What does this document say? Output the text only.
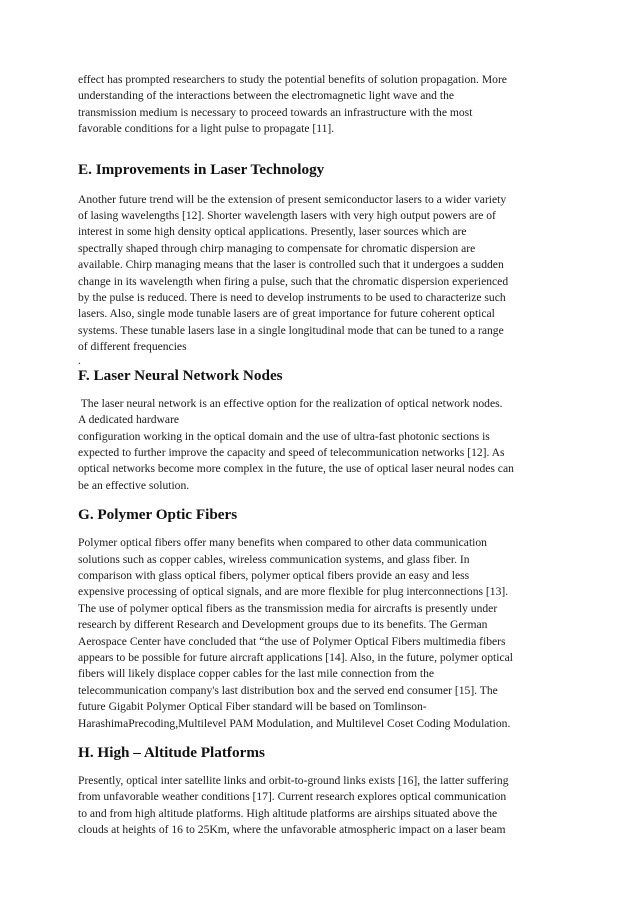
effect has prompted researchers to study the potential benefits of solution propagation. More
understanding of the interactions between the electromagnetic light wave and the
transmission medium is necessary to proceed towards an infrastructure with the most
favorable conditions for a light pulse to propagate [11].

E. Improvements in Laser Technology

Another future trend will be the extension of present semiconductor lasers to a wider variety
of lasing wavelengths [12]. Shorter wavelength lasers with very high output powers are of
interest in some high density optical applications. Presently, laser sources which are
spectrally shaped through chirp managing to compensate for chromatic dispersion are
available. Chirp managing means that the laser is controlled such that it undergoes a sudden
change in its wavelength when firing a pulse, such that the chromatic dispersion experienced
by the pulse is reduced. There is need to develop instruments to be used to characterize such
lasers. Also, single mode tunable lasers are of great importance for future coherent optical
systems. These tunable lasers lase in a single longitudinal mode that can be tuned to a range
of different frequencies
.

F. Laser Neural Network Nodes

The laser neural network is an effective option for the realization of optical network nodes.
A dedicated hardware
configuration working in the optical domain and the use of ultra-fast photonic sections is
expected to further improve the capacity and speed of telecommunication networks [12]. As
optical networks become more complex in the future, the use of optical laser neural nodes can
be an effective solution.

G. Polymer Optic Fibers

Polymer optical fibers offer many benefits when compared to other data communication
solutions such as copper cables, wireless communication systems, and glass fiber. In
comparison with glass optical fibers, polymer optical fibers provide an easy and less
expensive processing of optical signals, and are more flexible for plug interconnections [13].
The use of polymer optical fibers as the transmission media for aircrafts is presently under
research by different Research and Development groups due to its benefits. The German
Aerospace Center have concluded that “the use of Polymer Optical Fibers multimedia fibers
appears to be possible for future aircraft applications [14]. Also, in the future, polymer optical
fibers will likely displace copper cables for the last mile connection from the
telecommunication company's last distribution box and the served end consumer [15]. The
future Gigabit Polymer Optical Fiber standard will be based on Tomlinson-
HarashimaPrecoding,Multilevel PAM Modulation, and Multilevel Coset Coding Modulation.

H. High – Altitude Platforms

Presently, optical inter satellite links and orbit-to-ground links exists [16], the latter suffering
from unfavorable weather conditions [17]. Current research explores optical communication
to and from high altitude platforms. High altitude platforms are airships situated above the
clouds at heights of 16 to 25Km, where the unfavorable atmospheric impact on a laser beam
